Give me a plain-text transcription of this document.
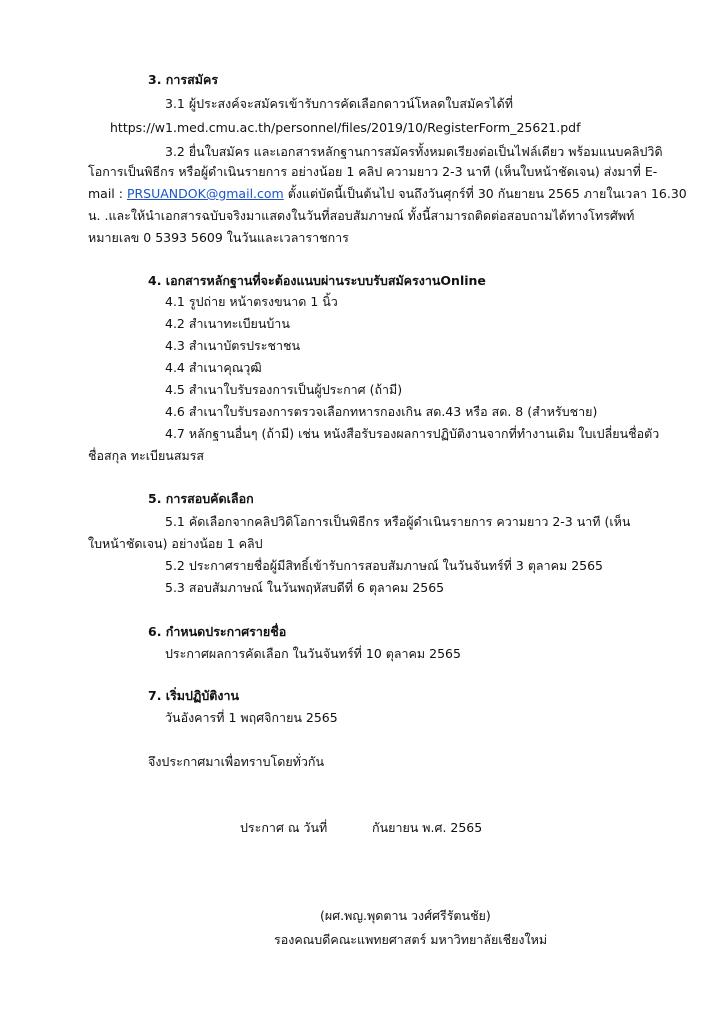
3. การสมัคร
3.1 ผู้ประสงค์จะสมัครเข้ารับการคัดเลือกดาวน์โหลดใบสมัครได้ที่
https://w1.med.cmu.ac.th/personnel/files/2019/10/RegisterForm_25621.pdf
3.2 ยื่นใบสมัคร และเอกสารหลักฐานการสมัครทั้งหมดเรียงต่อเป็นไฟล์เดียว พร้อมแนบคลิปวิดิ
โอการเป็นพิธีกร หรือผู้ดำเนินรายการ อย่างน้อย 1 คลิป ความยาว 2-3 นาที (เห็นใบหน้าชัดเจน) ส่งมาที่ E-
mail : PRSUANDOK@gmail.com ตั้งแต่บัดนี้เป็นต้นไป จนถึงวันศุกร์ที่ 30 กันยายน 2565 ภายในเวลา 16.30
น. .และให้นำเอกสารฉบับจริงมาแสดงในวันที่สอบสัมภาษณ์ ทั้งนี้สามารถติดต่อสอบถามได้ทางโทรศัพท์
หมายเลข 0 5393 5609 ในวันและเวลาราชการ
4. เอกสารหลักฐานที่จะต้องแนบผ่านระบบรับสมัครงานOnline
4.1 รูปถ่าย หน้าตรงขนาด 1 นิ้ว
4.2 สำเนาทะเบียนบ้าน
4.3 สำเนาบัตรประชาชน
4.4 สำเนาคุณวุฒิ
4.5 สำเนาใบรับรองการเป็นผู้ประกาศ (ถ้ามี)
4.6 สำเนาใบรับรองการตรวจเลือกทหารกองเกิน สด.43 หรือ สด. 8 (สำหรับชาย)
4.7 หลักฐานอื่นๆ (ถ้ามี) เช่น หนังสือรับรองผลการปฏิบัติงานจากที่ทำงานเดิม ใบเปลี่ยนชื่อตัว
ชื่อสกุล ทะเบียนสมรส
5. การสอบคัดเลือก
5.1 คัดเลือกจากคลิปวิดิโอการเป็นพิธีกร หรือผู้ดำเนินรายการ ความยาว 2-3 นาที (เห็น
ใบหน้าชัดเจน) อย่างน้อย 1 คลิป
5.2 ประกาศรายชื่อผู้มีสิทธิ์เข้ารับการสอบสัมภาษณ์ ในวันจันทร์ที่ 3 ตุลาคม 2565
5.3 สอบสัมภาษณ์ ในวันพฤหัสบดีที่ 6 ตุลาคม 2565
6. กำหนดประกาศรายชื่อ
ประกาศผลการคัดเลือก ในวันจันทร์ที่ 10 ตุลาคม 2565
7. เริ่มปฏิบัติงาน
วันอังคารที่ 1 พฤศจิกายน 2565
จึงประกาศมาเพื่อทราบโดยทั่วกัน
ประกาศ ณ วันที่	กันยายน พ.ศ. 2565
(ผศ.พญ.พุดตาน วงศ์ศรีรัตนชัย)
รองคณบดีคณะแพทยศาสตร์ มหาวิทยาลัยเชียงใหม่
